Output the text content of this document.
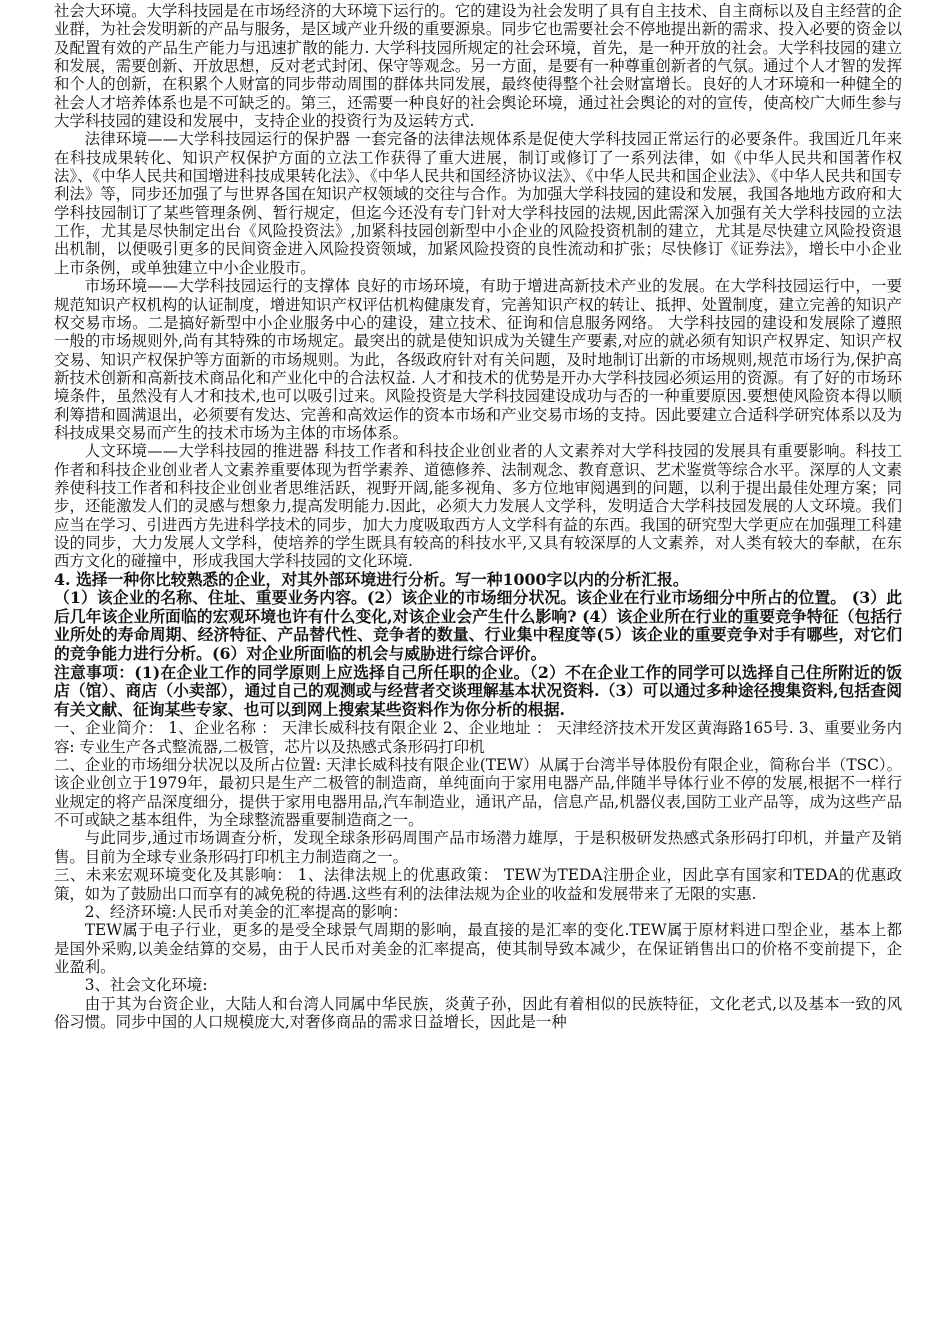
社会大环境。大学科技园是在市场经济的大环境下运行的。它的建设为社会发明了具有自主技术、自主商标以及自主经营的企业群，为社会发明新的产品与服务，是区域产业升级的重要源泉。同步它也需要社会不停地提出新的需求、投入必要的资金以及配置有效的产品生产能力与迅速扩散的能力. 大学科技园所规定的社会环境，首先，是一种开放的社会。大学科技园的建立和发展，需要创新、开放思想，反对老式封闭、保守等观念。另一方面，是要有一种尊重创新者的气氛。通过个人才智的发挥和个人的创新，在积累个人财富的同步带动周围的群体共同发展，最终使得整个社会财富增长。良好的人才环境和一种健全的社会人才培养体系也是不可缺乏的。第三，还需要一种良好的社会舆论环境，通过社会舆论的对的宣传，使高校广大师生参与大学科技园的建设和发展中，支持企业的投资行为及运转方式.

法律环境——大学科技园运行的保护器 一套完备的法律法规体系是促使大学科技园正常运行的必要条件。我国近几年来在科技成果转化、知识产权保护方面的立法工作获得了重大进展，制订或修订了一系列法律，如《中华人民共和国著作权法》、《中华人民共和国增进科技成果转化法》、《中华人民共和国经济协议法》、《中华人民共和国企业法》、《中华人民共和国专利法》等，同步还加强了与世界各国在知识产权领域的交往与合作。为加强大学科技园的建设和发展，我国各地地方政府和大学科技园制订了某些管理条例、暂行规定，但迄今还没有专门针对大学科技园的法规,因此需深入加强有关大学科技园的立法工作，尤其是尽快制定出台《风险投资法》,加紧科技园创新型中小企业的风险投资机制的建立，尤其是尽快建立风险投资退出机制，以便吸引更多的民间资金进入风险投资领域，加紧风险投资的良性流动和扩张；尽快修订《证券法》，增长中小企业上市条例，或单独建立中小企业股市。

市场环境——大学科技园运行的支撑体 良好的市场环境，有助于增进高新技术产业的发展。在大学科技园运行中，一要规范知识产权机构的认证制度，增进知识产权评估机构健康发育，完善知识产权的转让、抵押、处置制度，建立完善的知识产权交易市场。二是搞好新型中小企业服务中心的建设，建立技术、征询和信息服务网络。 大学科技园的建设和发展除了遵照一般的市场规则外,尚有其特殊的市场规定。最突出的就是使知识成为关键生产要素,对应的就必须有知识产权界定、知识产权交易、知识产权保护等方面新的市场规则。为此，各级政府针对有关问题，及时地制订出新的市场规则,规范市场行为,保护高新技术创新和高新技术商品化和产业化中的合法权益. 人才和技术的优势是开办大学科技园必须运用的资源。有了好的市场环境条件，虽然没有人才和技术,也可以吸引过来。风险投资是大学科技园建设成功与否的一种重要原因.要想使风险资本得以顺利筹措和圆满退出，必须要有发达、完善和高效运作的资本市场和产业交易市场的支持。因此要建立合适科学研究体系以及为科技成果交易而产生的技术市场为主体的市场体系。

人文环境——大学科技园的推进器 科技工作者和科技企业创业者的人文素养对大学科技园的发展具有重要影响。科技工作者和科技企业创业者人文素养重要体现为哲学素养、道德修养、法制观念、教育意识、艺术鉴赏等综合水平。深厚的人文素养使科技工作者和科技企业创业者思维活跃，视野开阔,能多视角、多方位地审阅遇到的问题，以利于提出最佳处理方案；同步，还能激发人们的灵感与想象力,提高发明能力.因此，必须大力发展人文学科，发明适合大学科技园发展的人文环境。我们应当在学习、引进西方先进科学技术的同步，加大力度吸取西方人文学科有益的东西。我国的研究型大学更应在加强理工科建设的同步，大力发展人文学科，使培养的学生既具有较高的科技水平,又具有较深厚的人文素养，对人类有较大的奉献，在东西方文化的碰撞中，形成我国大学科技园的文化环境.

4. 选择一种你比较熟悉的企业，对其外部环境进行分析。写一种1000字以内的分析汇报。

（1）该企业的名称、住址、重要业务内容。(2）该企业的市场细分状况。该企业在行业市场细分中所占的位置。 (3）此后几年该企业所面临的宏观环境也许有什么变化,对该企业会产生什么影响? (4）该企业所在行业的重要竞争特征（包括行业所处的寿命周期、经济特征、产品替代性、竞争者的数量、行业集中程度等(5）该企业的重要竞争对手有哪些，对它们的竞争能力进行分析。(6）对企业所面临的机会与威胁进行综合评价。

注意事项：(1)在企业工作的同学原则上应选择自己所任职的企业。（2）不在企业工作的同学可以选择自己住所附近的饭店（馆）、商店（小卖部），通过自己的观测或与经营者交谈理解基本状况资料.（3）可以通过多种途径搜集资料,包括查阅有关文献、征询某些专家、也可以到网上搜索某些资料作为你分析的根据.

一、企业简介： 1、企业名称 ： 天津长威科技有限企业 2、企业地址 ： 天津经济技术开发区黄海路165号. 3、重要业务内容: 专业生产各式整流器,二极管，芯片以及热感式条形码打印机

二、企业的市场细分状况以及所占位置: 天津长威科技有限企业(TEW）从属于台湾半导体股份有限企业，简称台半（TSC）。该企业创立于1979年，最初只是生产二极管的制造商，单纯面向于家用电器产品,伴随半导体行业不停的发展,根据不一样行业规定的将产品深度细分，提供于家用电器用品,汽车制造业，通讯产品，信息产品,机器仪表,国防工业产品等，成为这些产品不可或缺之基本组件，为全球整流器重要制造商之一。

与此同步,通过市场调查分析，发现全球条形码周围产品市场潜力雄厚，于是积极研发热感式条形码打印机，并量产及销售。目前为全球专业条形码打印机主力制造商之一。

三、未来宏观环境变化及其影响： 1、法律法规上的优惠政策： TEW为TEDA注册企业，因此享有国家和TEDA的优惠政策，如为了鼓励出口而享有的减免税的待遇.这些有利的法律法规为企业的收益和发展带来了无限的实惠.

2、经济环境:人民币对美金的汇率提高的影响：

TEW属于电子行业，更多的是受全球景气周期的影响，最直接的是汇率的变化.TEW属于原材料进口型企业，基本上都是国外采购,以美金结算的交易，由于人民币对美金的汇率提高，使其制导致本减少，在保证销售出口的价格不变前提下，企业盈利。

3、社会文化环境:

由于其为台资企业，大陆人和台湾人同属中华民族，炎黄子孙，因此有着相似的民族特征，文化老式,以及基本一致的风俗习惯。同步中国的人口规模庞大,对奢侈商品的需求日益增长，因此是一种
